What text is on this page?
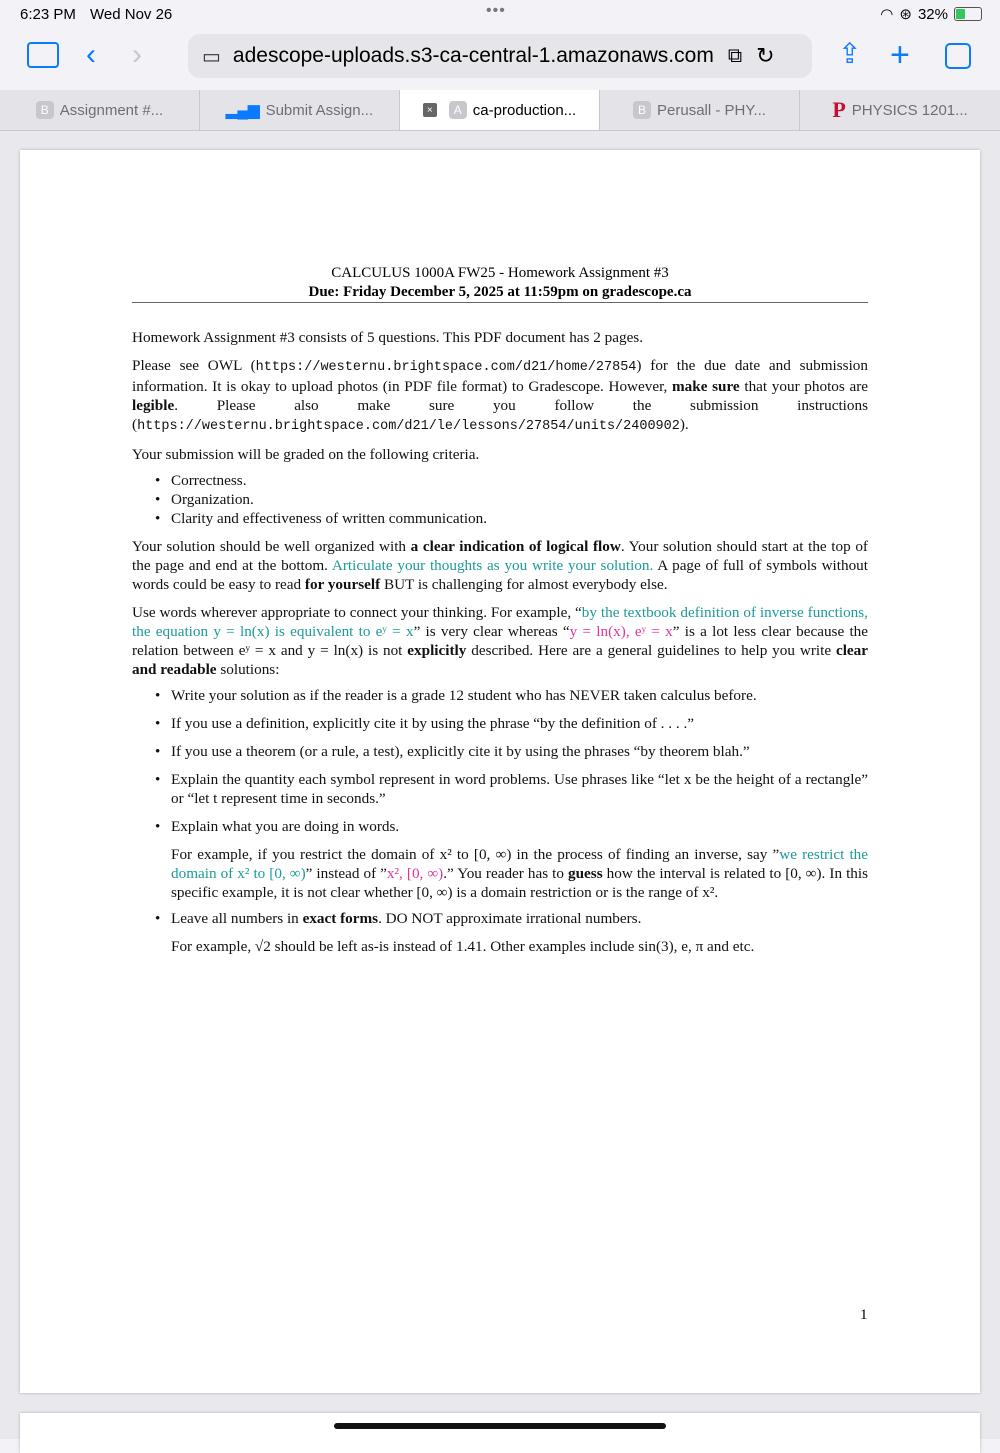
6:23 PM Wed Nov 26	•••	◠ ⊛ 32%
‹ ›	▭ adescope-uploads.s3-ca-central-1.amazonaws.com ⧉ ↻ ⇪ +
B Assignment #...	▂▄▆ Submit Assign...	×	A ca-production...	B Perusall - PHY...	P PHYSICS 1201...
CALCULUS 1000A FW25 - Homework Assignment #3
Due: Friday December 5, 2025 at 11:59pm on gradescope.ca

Homework Assignment #3 consists of 5 questions. This PDF document has 2 pages.

Please see OWL (https://westernu.brightspace.com/d21/home/27854) for the due date and submission information. It is okay to upload photos (in PDF file format) to Gradescope. However, make sure that your photos are legible. Please also make sure you follow the submission instructions (https://westernu.brightspace.com/d21/le/lessons/27854/units/2400902).

Your submission will be graded on the following criteria.

• Correctness.
• Organization.
• Clarity and effectiveness of written communication.

Your solution should be well organized with a clear indication of logical flow. Your solution should start at the top of the page and end at the bottom. Articulate your thoughts as you write your solution. A page of full of symbols without words could be easy to read for yourself BUT is challenging for almost everybody else.

Use words wherever appropriate to connect your thinking. For example, “by the textbook definition of inverse functions, the equation y = ln(x) is equivalent to eʸ = x” is very clear whereas “y = ln(x), eʸ = x” is a lot less clear because the relation between eʸ = x and y = ln(x) is not explicitly described. Here are a general guidelines to help you write clear and readable solutions:

• Write your solution as if the reader is a grade 12 student who has NEVER taken calculus before.
• If you use a definition, explicitly cite it by using the phrase “by the definition of . . . .”
• If you use a theorem (or a rule, a test), explicitly cite it by using the phrases “by theorem blah.”
• Explain the quantity each symbol represent in word problems. Use phrases like “let x be the height of a rectangle” or “let t represent time in seconds.”
• Explain what you are doing in words.
For example, if you restrict the domain of x² to [0, ∞) in the process of finding an inverse, say ”we restrict the domain of x² to [0, ∞)” instead of ”x², [0, ∞).” You reader has to guess how the interval is related to [0, ∞). In this specific example, it is not clear whether [0, ∞) is a domain restriction or is the range of x².
• Leave all numbers in exact forms. DO NOT approximate irrational numbers.
For example, √2 should be left as-is instead of 1.41. Other examples include sin(3), e, π and etc.
1
